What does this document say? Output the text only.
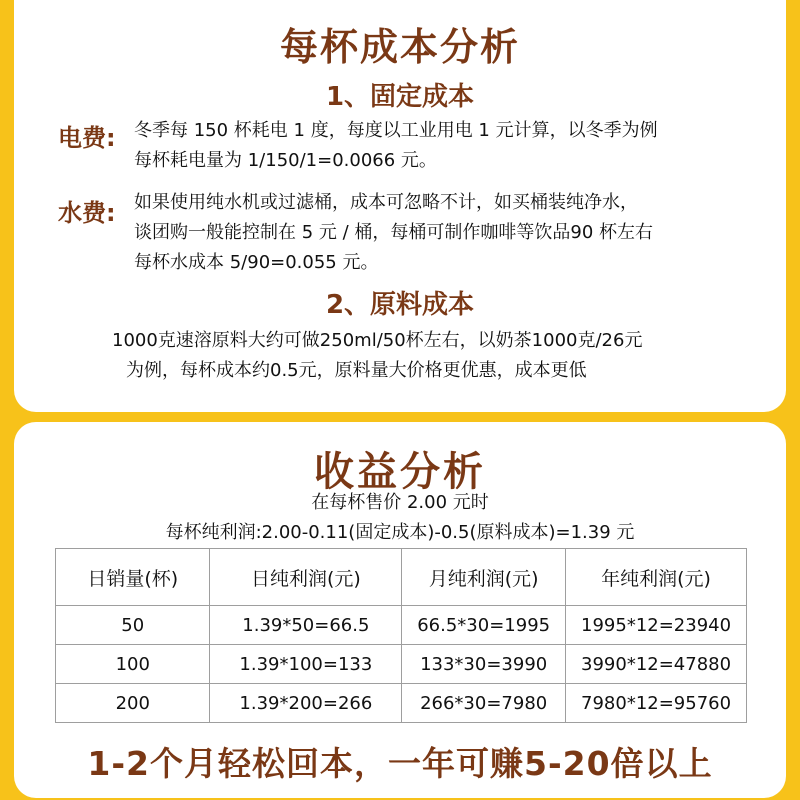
每杯成本分析
1、固定成本
电费: 冬季每 150 杯耗电 1 度，每度以工业用电 1 元计算，以冬季为例
每杯耗电量为 1/150/1=0.0066 元。
水费: 如果使用纯水机或过滤桶，成本可忽略不计，如买桶装纯净水，
谈团购一般能控制在 5 元 / 桶，每桶可制作咖啡等饮品90 杯左右
每杯水成本 5/90=0.055 元。
2、原料成本
1000克速溶原料大约可做250ml/50杯左右，以奶茶1000克/26元
为例，每杯成本约0.5元，原料量大价格更优惠，成本更低
收益分析
在每杯售价 2.00 元时
每杯纯利润:2.00-0.11(固定成本)-0.5(原料成本)=1.39 元
日销量(杯)	日纯利润(元)	月纯利润(元)	年纯利润(元)
50	1.39*50=66.5	66.5*30=1995	1995*12=23940
100	1.39*100=133	133*30=3990	3990*12=47880
200	1.39*200=266	266*30=7980	7980*12=95760
1-2个月轻松回本，一年可赚5-20倍以上
